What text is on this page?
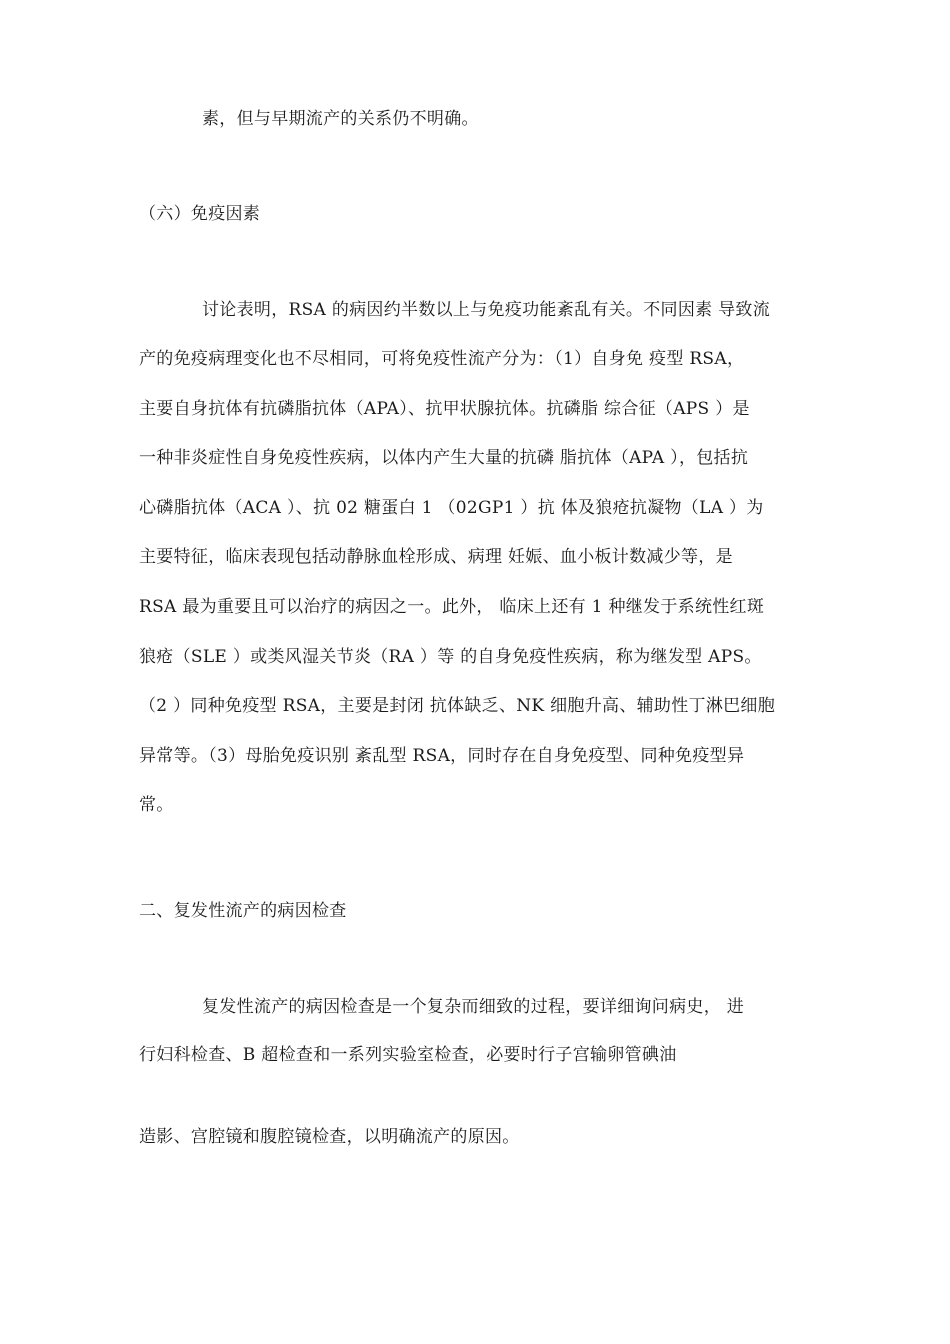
素，但与早期流产的关系仍不明确。
（六）免疫因素
讨论表明，RSA 的病因约半数以上与免疫功能紊乱有关。不同因素 导致流
产的免疫病理变化也不尽相同，可将免疫性流产分为：（1）自身免 疫型 RSA，
主要自身抗体有抗磷脂抗体（APA）、抗甲状腺抗体。抗磷脂 综合征（APS ）是
一种非炎症性自身免疫性疾病，以体内产生大量的抗磷 脂抗体（APA ），包括抗
心磷脂抗体（ACA ）、抗 02 糖蛋白 1 （02GP1 ）抗 体及狼疮抗凝物（LA ）为
主要特征，临床表现包括动静脉血栓形成、病理 妊娠、血小板计数减少等，是
RSA 最为重要且可以治疗的病因之一。此外， 临床上还有 1 种继发于系统性红斑
狼疮（SLE ）或类风湿关节炎（RA ）等 的自身免疫性疾病，称为继发型 APS。
（2 ）同种免疫型 RSA，主要是封闭 抗体缺乏、NK 细胞升高、辅助性丁淋巴细胞
异常等。（3）母胎免疫识别 紊乱型 RSA，同时存在自身免疫型、同种免疫型异
常。
二、复发性流产的病因检查
复发性流产的病因检查是一个复杂而细致的过程，要详细询问病史， 进
行妇科检查、B 超检查和一系列实验室检查，必要时行子宫输卵管碘油
造影、宫腔镜和腹腔镜检查，以明确流产的原因。
